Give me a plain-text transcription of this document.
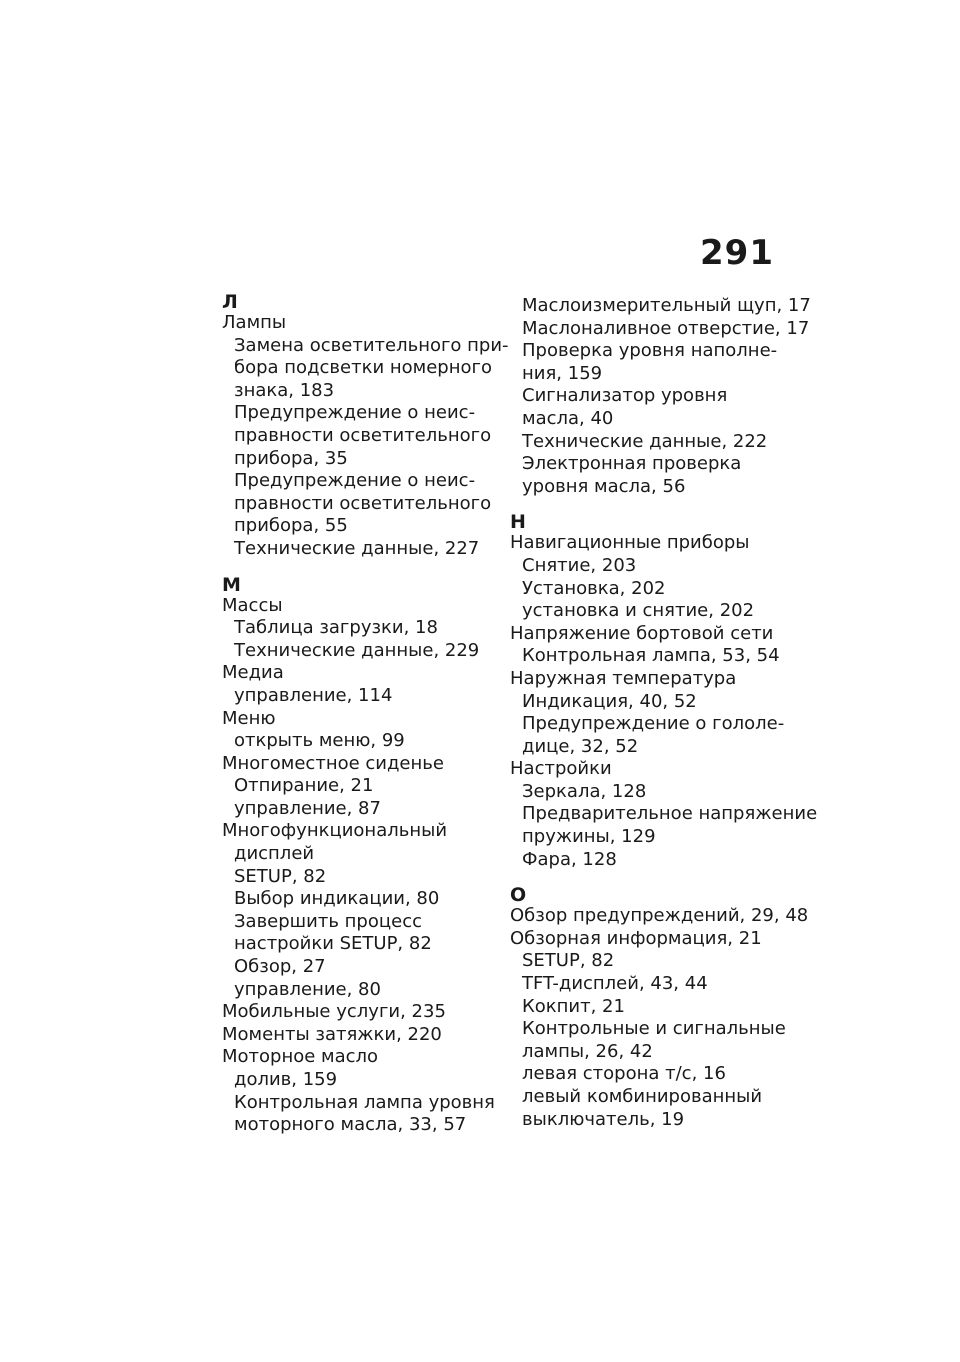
291
Л
Лампы
Замена осветительного при-
бора подсветки номерного
знака, 183
Предупреждение о неис-
правности осветительного
прибора, 35
Предупреждение о неис-
правности осветительного
прибора, 55
Технические данные, 227
М
Массы
Таблица загрузки, 18
Технические данные, 229
Медиа
управление, 114
Меню
открыть меню, 99
Многоместное сиденье
Отпирание, 21
управление, 87
Многофункциональный
дисплей
SETUP, 82
Выбор индикации, 80
Завершить процесс
настройки SETUP, 82
Обзор, 27
управление, 80
Мобильные услуги, 235
Моменты затяжки, 220
Моторное масло
долив, 159
Контрольная лампа уровня
моторного масла, 33, 57
Маслоизмерительный щуп, 17
Маслоналивное отверстие, 17
Проверка уровня наполне-
ния, 159
Сигнализатор уровня
масла, 40
Технические данные, 222
Электронная проверка
уровня масла, 56
Н
Навигационные приборы
Снятие, 203
Установка, 202
установка и снятие, 202
Напряжение бортовой сети
Контрольная лампа, 53, 54
Наружная температура
Индикация, 40, 52
Предупреждение о гололе-
дице, 32, 52
Настройки
Зеркала, 128
Предварительное напряжение
пружины, 129
Фара, 128
О
Обзор предупреждений, 29, 48
Обзорная информация, 21
SETUP, 82
TFT-дисплей, 43, 44
Кокпит, 21
Контрольные и сигнальные
лампы, 26, 42
левая сторона т/с, 16
левый комбинированный
выключатель, 19
